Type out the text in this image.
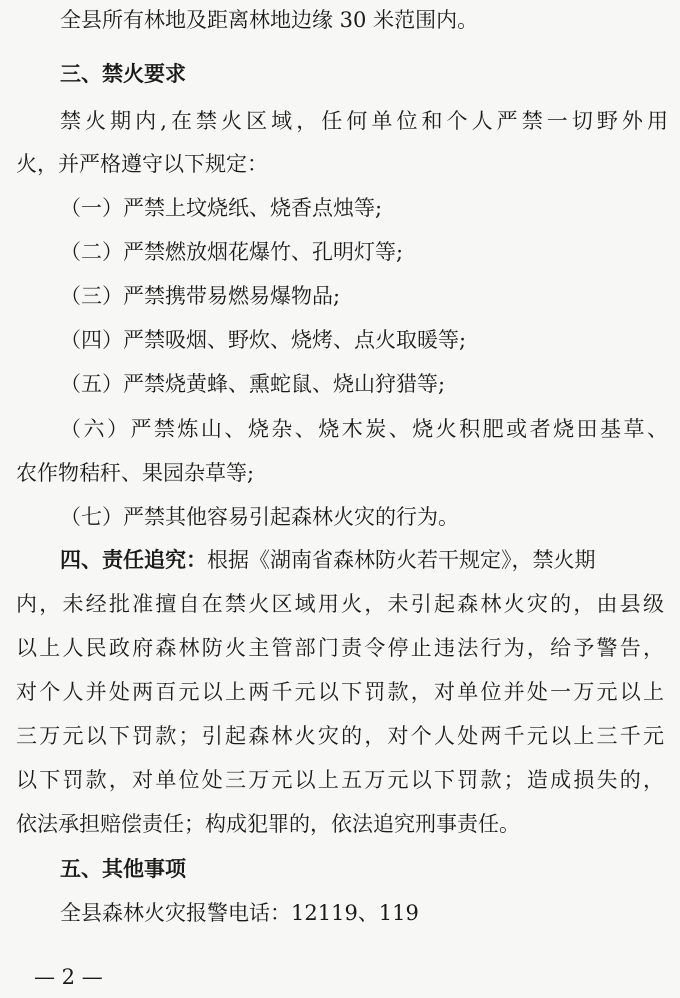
全县所有林地及距离林地边缘 30 米范围内。
三、禁火要求
禁火期内,在禁火区域，任何单位和个人严禁一切野外用
火，并严格遵守以下规定：
（一）严禁上坟烧纸、烧香点烛等;
（二）严禁燃放烟花爆竹、孔明灯等;
（三）严禁携带易燃易爆物品;
（四）严禁吸烟、野炊、烧烤、点火取暖等;
（五）严禁烧黄蜂、熏蛇鼠、烧山狩猎等;
（六）严禁炼山、烧杂、烧木炭、烧火积肥或者烧田基草、
农作物秸秆、果园杂草等;
（七）严禁其他容易引起森林火灾的行为。
四、责任追究：根据《湖南省森林防火若干规定》，禁火期
内，未经批准擅自在禁火区域用火，未引起森林火灾的，由县级
以上人民政府森林防火主管部门责令停止违法行为，给予警告，
对个人并处两百元以上两千元以下罚款，对单位并处一万元以上
三万元以下罚款；引起森林火灾的，对个人处两千元以上三千元
以下罚款，对单位处三万元以上五万元以下罚款；造成损失的，
依法承担赔偿责任；构成犯罪的，依法追究刑事责任。
五、其他事项
全县森林火灾报警电话：12119、119
— 2 —
